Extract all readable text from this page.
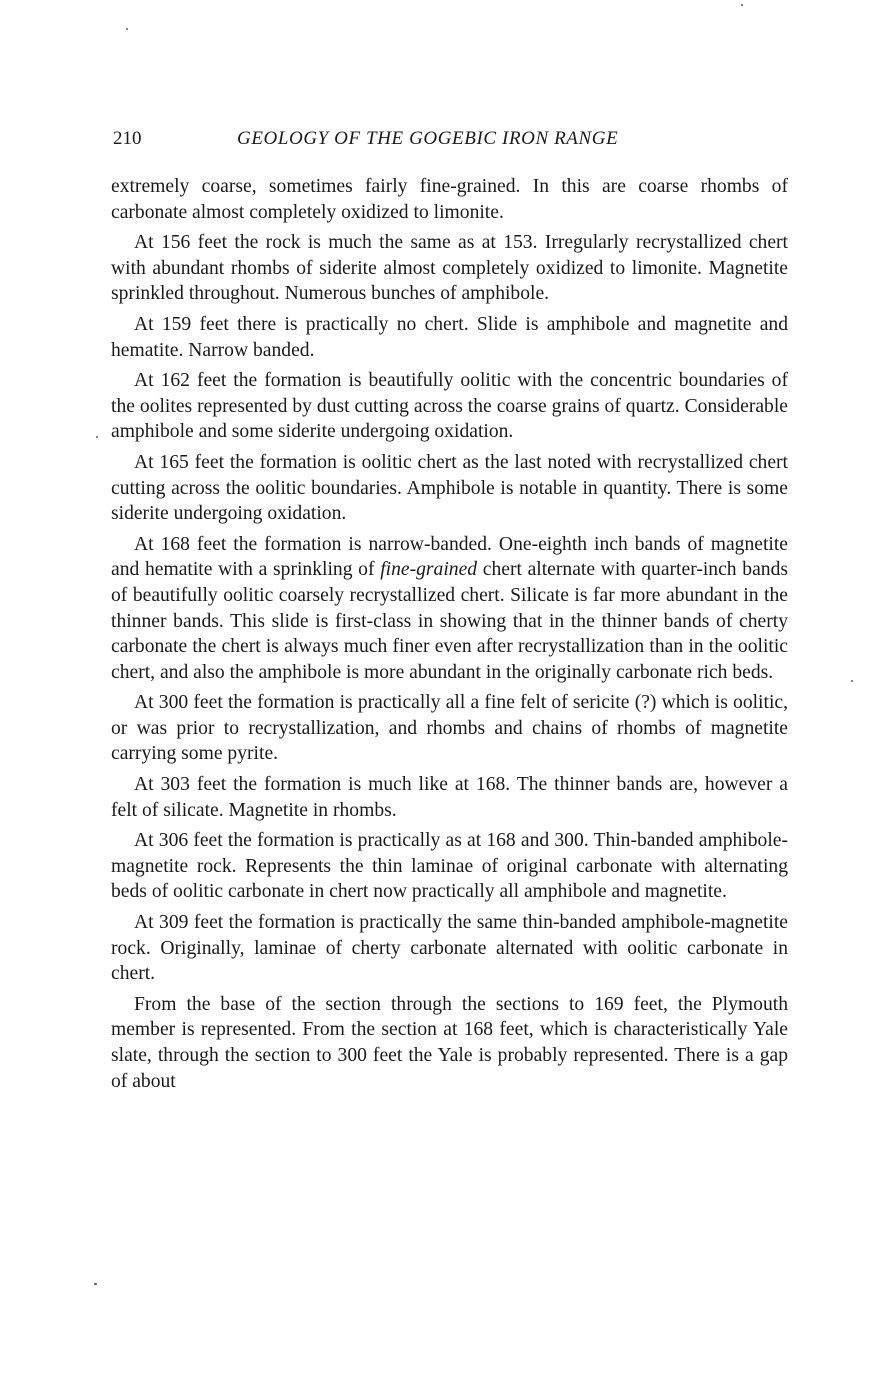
210	GEOLOGY OF THE GOGEBIC IRON RANGE

extremely coarse, sometimes fairly fine-grained. In this are coarse rhombs of carbonate almost completely oxidized to limonite.

At 156 feet the rock is much the same as at 153. Irregularly recrystallized chert with abundant rhombs of siderite almost completely oxidized to limonite. Magnetite sprinkled throughout. Numerous bunches of amphibole.

At 159 feet there is practically no chert. Slide is amphibole and magnetite and hematite. Narrow banded.

At 162 feet the formation is beautifully oolitic with the concentric boundaries of the oolites represented by dust cutting across the coarse grains of quartz. Considerable amphibole and some siderite undergoing oxidation.

At 165 feet the formation is oolitic chert as the last noted with recrystallized chert cutting across the oolitic boundaries. Amphibole is notable in quantity. There is some siderite undergoing oxidation.

At 168 feet the formation is narrow-banded. One-eighth inch bands of magnetite and hematite with a sprinkling of fine-grained chert alternate with quarter-inch bands of beautifully oolitic coarsely recrystallized chert. Silicate is far more abundant in the thinner bands. This slide is first-class in showing that in the thinner bands of cherty carbonate the chert is always much finer even after recrystallization than in the oolitic chert, and also the amphibole is more abundant in the originally carbonate rich beds.

At 300 feet the formation is practically all a fine felt of sericite (?) which is oolitic, or was prior to recrystallization, and rhombs and chains of rhombs of magnetite carrying some pyrite.

At 303 feet the formation is much like at 168. The thinner bands are, however a felt of silicate. Magnetite in rhombs.

At 306 feet the formation is practically as at 168 and 300. Thin-banded amphibole-magnetite rock. Represents the thin laminae of original carbonate with alternating beds of oolitic carbonate in chert now practically all amphibole and magnetite.

At 309 feet the formation is practically the same thin-banded amphibole-magnetite rock. Originally, laminae of cherty carbonate alternated with oolitic carbonate in chert.

From the base of the section through the sections to 169 feet, the Plymouth member is represented. From the section at 168 feet, which is characteristically Yale slate, through the section to 300 feet the Yale is probably represented. There is a gap of about
